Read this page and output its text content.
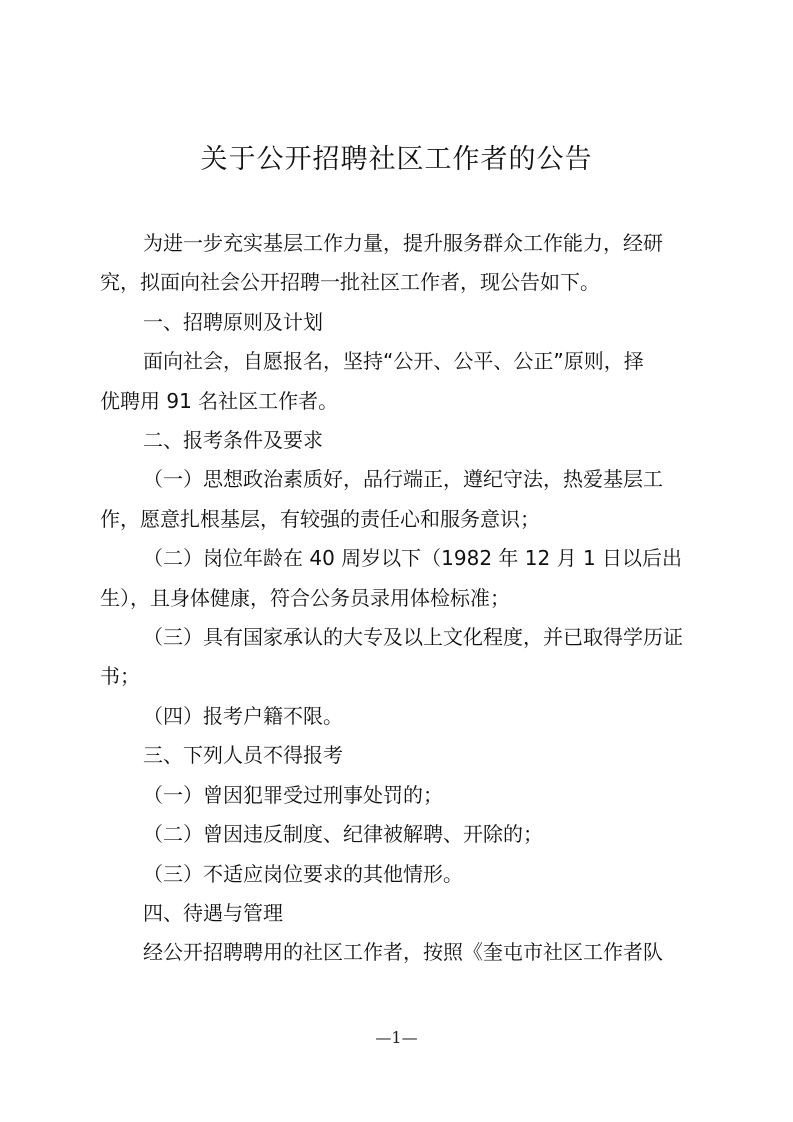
关于公开招聘社区工作者的公告
为进一步充实基层工作力量，提升服务群众工作能力，经研
究，拟面向社会公开招聘一批社区工作者，现公告如下。
一、招聘原则及计划
面向社会，自愿报名，坚持“公开、公平、公正”原则，择
优聘用 91 名社区工作者。
二、报考条件及要求
（一）思想政治素质好，品行端正，遵纪守法，热爱基层工
作，愿意扎根基层，有较强的责任心和服务意识；
（二）岗位年龄在 40 周岁以下（1982 年 12 月 1 日以后出
生），且身体健康，符合公务员录用体检标准；
（三）具有国家承认的大专及以上文化程度，并已取得学历证
书；
（四）报考户籍不限。
三、下列人员不得报考
（一）曾因犯罪受过刑事处罚的；
（二）曾因违反制度、纪律被解聘、开除的；
（三）不适应岗位要求的其他情形。
四、待遇与管理
经公开招聘聘用的社区工作者，按照《奎屯市社区工作者队
—1—
